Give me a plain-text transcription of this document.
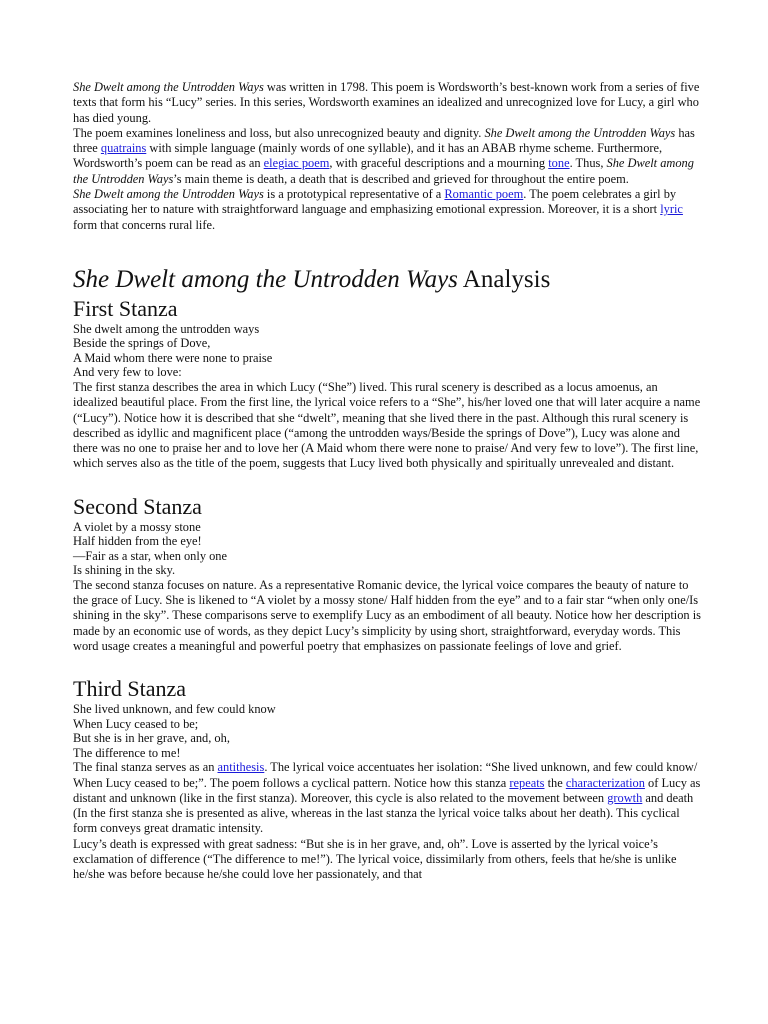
She Dwelt among the Untrodden Ways was written in 1798. This poem is Wordsworth’s best-known work from a series of five texts that form his “Lucy” series. In this series, Wordsworth examines an idealized and unrecognized love for Lucy, a girl who has died young.

The poem examines loneliness and loss, but also unrecognized beauty and dignity. She Dwelt among the Untrodden Ways has three quatrains with simple language (mainly words of one syllable), and it has an ABAB rhyme scheme. Furthermore, Wordsworth’s poem can be read as an elegiac poem, with graceful descriptions and a mourning tone. Thus, She Dwelt among the Untrodden Ways’s main theme is death, a death that is described and grieved for throughout the entire poem.

She Dwelt among the Untrodden Ways is a prototypical representative of a Romantic poem. The poem celebrates a girl by associating her to nature with straightforward language and emphasizing emotional expression. Moreover, it is a short lyric form that concerns rural life.

She Dwelt among the Untrodden Ways Analysis
First Stanza

She dwelt among the untrodden ways

Beside the springs of Dove,

A Maid whom there were none to praise

And very few to love:

The first stanza describes the area in which Lucy (“She”) lived. This rural scenery is described as a locus amoenus, an idealized beautiful place. From the first line, the lyrical voice refers to a “She”, his/her loved one that will later acquire a name (“Lucy”). Notice how it is described that she “dwelt”, meaning that she lived there in the past. Although this rural scenery is described as idyllic and magnificent place (“among the untrodden ways/Beside the springs of Dove”), Lucy was alone and there was no one to praise her and to love her (A Maid whom there were none to praise/ And very few to love”). The first line, which serves also as the title of the poem, suggests that Lucy lived both physically and spiritually unrevealed and distant.

Second Stanza

A violet by a mossy stone

Half hidden from the eye!

—Fair as a star, when only one

Is shining in the sky.

The second stanza focuses on nature. As a representative Romanic device, the lyrical voice compares the beauty of nature to the grace of Lucy. She is likened to “A violet by a mossy stone/ Half hidden from the eye” and to a fair star “when only one/Is shining in the sky”. These comparisons serve to exemplify Lucy as an embodiment of all beauty. Notice how her description is made by an economic use of words, as they depict Lucy’s simplicity by using short, straightforward, everyday words. This word usage creates a meaningful and powerful poetry that emphasizes on passionate feelings of love and grief.

Third Stanza

She lived unknown, and few could know

When Lucy ceased to be;

But she is in her grave, and, oh,

The difference to me!

The final stanza serves as an antithesis. The lyrical voice accentuates her isolation: “She lived unknown, and few could know/ When Lucy ceased to be;”. The poem follows a cyclical pattern. Notice how this stanza repeats the characterization of Lucy as distant and unknown (like in the first stanza). Moreover, this cycle is also related to the movement between growth and death (In the first stanza she is presented as alive, whereas in the last stanza the lyrical voice talks about her death). This cyclical form conveys great dramatic intensity.

Lucy’s death is expressed with great sadness: “But she is in her grave, and, oh”. Love is asserted by the lyrical voice’s exclamation of difference (“The difference to me!”). The lyrical voice, dissimilarly from others, feels that he/she is unlike he/she was before because he/she could love her passionately, and that
